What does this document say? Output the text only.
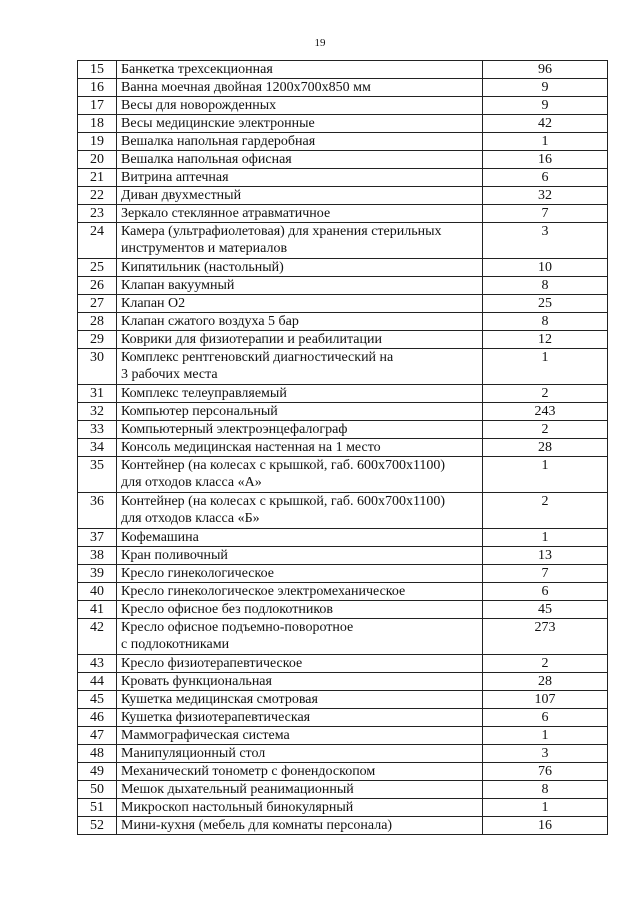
19
15	Банкетка трехсекционная	96
16	Ванна моечная двойная 1200х700х850 мм	9
17	Весы для новорожденных	9
18	Весы медицинские электронные	42
19	Вешалка напольная гардеробная	1
20	Вешалка напольная офисная	16
21	Витрина аптечная	6
22	Диван двухместный	32
23	Зеркало стеклянное атравматичное	7
24	Камера (ультрафиолетовая) для хранения стерильных
инструментов и материалов	3
25	Кипятильник (настольный)	10
26	Клапан вакуумный	8
27	Клапан О2	25
28	Клапан сжатого воздуха 5 бар	8
29	Коврики для физиотерапии и реабилитации	12
30	Комплекс рентгеновский диагностический на
3 рабочих места	1
31	Комплекс телеуправляемый	2
32	Компьютер персональный	243
33	Компьютерный электроэнцефалограф	2
34	Консоль медицинская настенная на 1 место	28
35	Контейнер (на колесах с крышкой, габ. 600х700х1100)
для отходов класса «А»	1
36	Контейнер (на колесах с крышкой, габ. 600х700х1100)
для отходов класса «Б»	2
37	Кофемашина	1
38	Кран поливочный	13
39	Кресло гинекологическое	7
40	Кресло гинекологическое электромеханическое	6
41	Кресло офисное без подлокотников	45
42	Кресло офисное подъемно-поворотное
с подлокотниками	273
43	Кресло физиотерапевтическое	2
44	Кровать функциональная	28
45	Кушетка медицинская смотровая	107
46	Кушетка физиотерапевтическая	6
47	Маммографическая система	1
48	Манипуляционный стол	3
49	Механический тонометр с фонендоскопом	76
50	Мешок дыхательный реанимационный	8
51	Микроскоп настольный бинокулярный	1
52	Мини-кухня (мебель для комнаты персонала)	16
